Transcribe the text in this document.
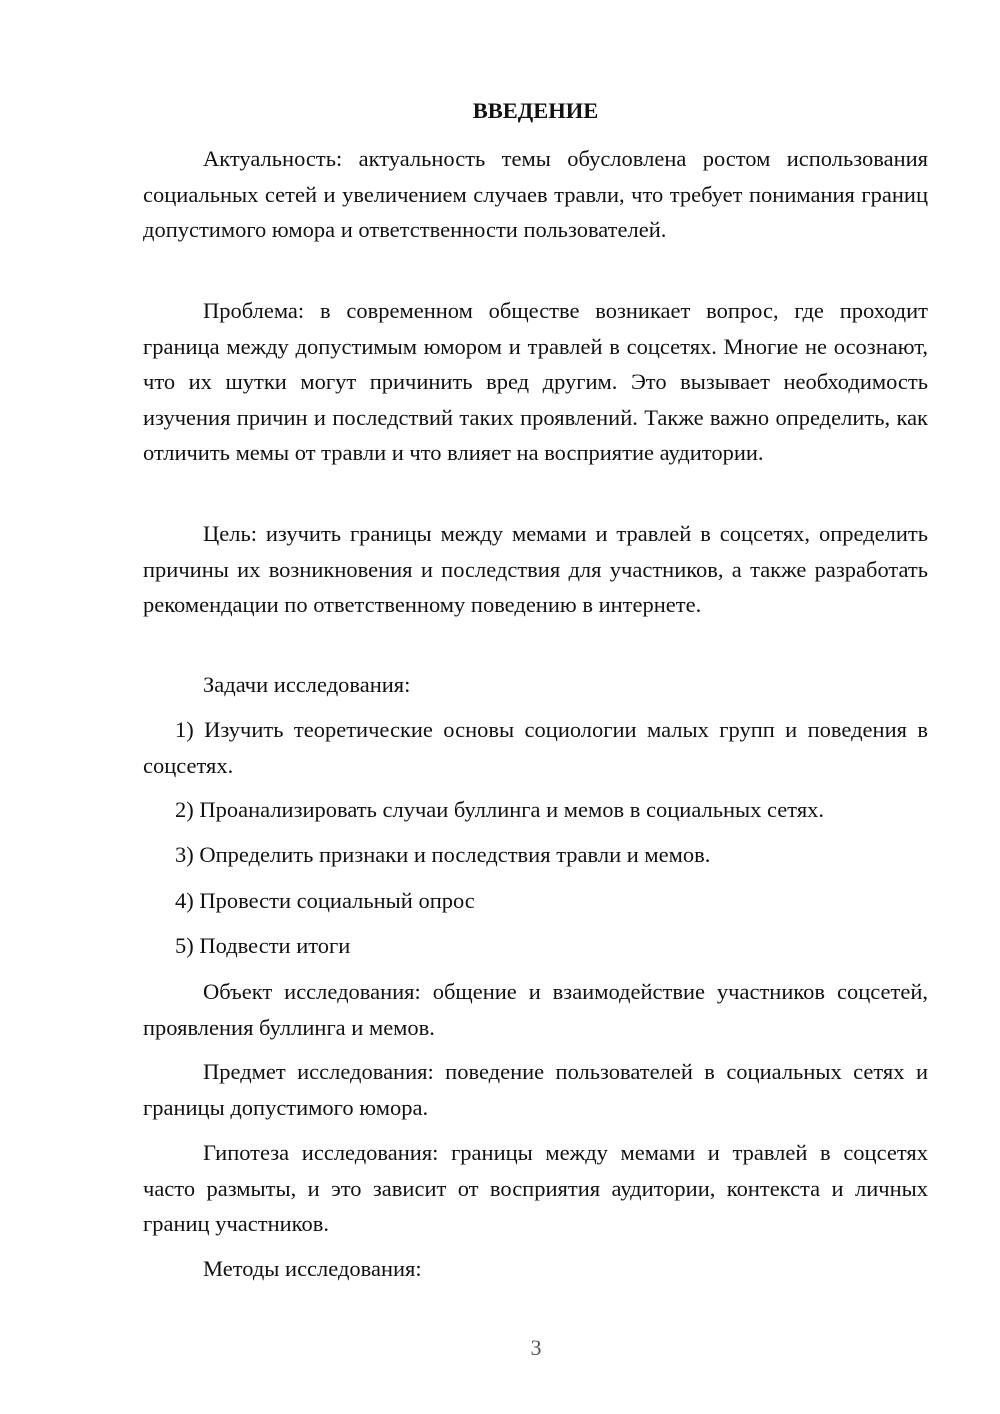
ВВЕДЕНИЕ

Актуальность: актуальность темы обусловлена ростом использования социальных сетей и увеличением случаев травли, что требует понимания границ допустимого юмора и ответственности пользователей.

Проблема: в современном обществе возникает вопрос, где проходит граница между допустимым юмором и травлей в соцсетях. Многие не осознают, что их шутки могут причинить вред другим. Это вызывает необходимость изучения причин и последствий таких проявлений. Также важно определить, как отличить мемы от травли и что влияет на восприятие аудитории.

Цель: изучить границы между мемами и травлей в соцсетях, определить причины их возникновения и последствия для участников, а также разработать рекомендации по ответственному поведению в интернете.

Задачи исследования:

1) Изучить теоретические основы социологии малых групп и поведения в соцсетях.

2) Проанализировать случаи буллинга и мемов в социальных сетях.

3) Определить признаки и последствия травли и мемов.

4) Провести социальный опрос

5) Подвести итоги

Объект исследования: общение и взаимодействие участников соцсетей, проявления буллинга и мемов.

Предмет исследования: поведение пользователей в социальных сетях и границы допустимого юмора.

Гипотеза исследования: границы между мемами и травлей в соцсетях часто размыты, и это зависит от восприятия аудитории, контекста и личных границ участников.

Методы исследования:

3
